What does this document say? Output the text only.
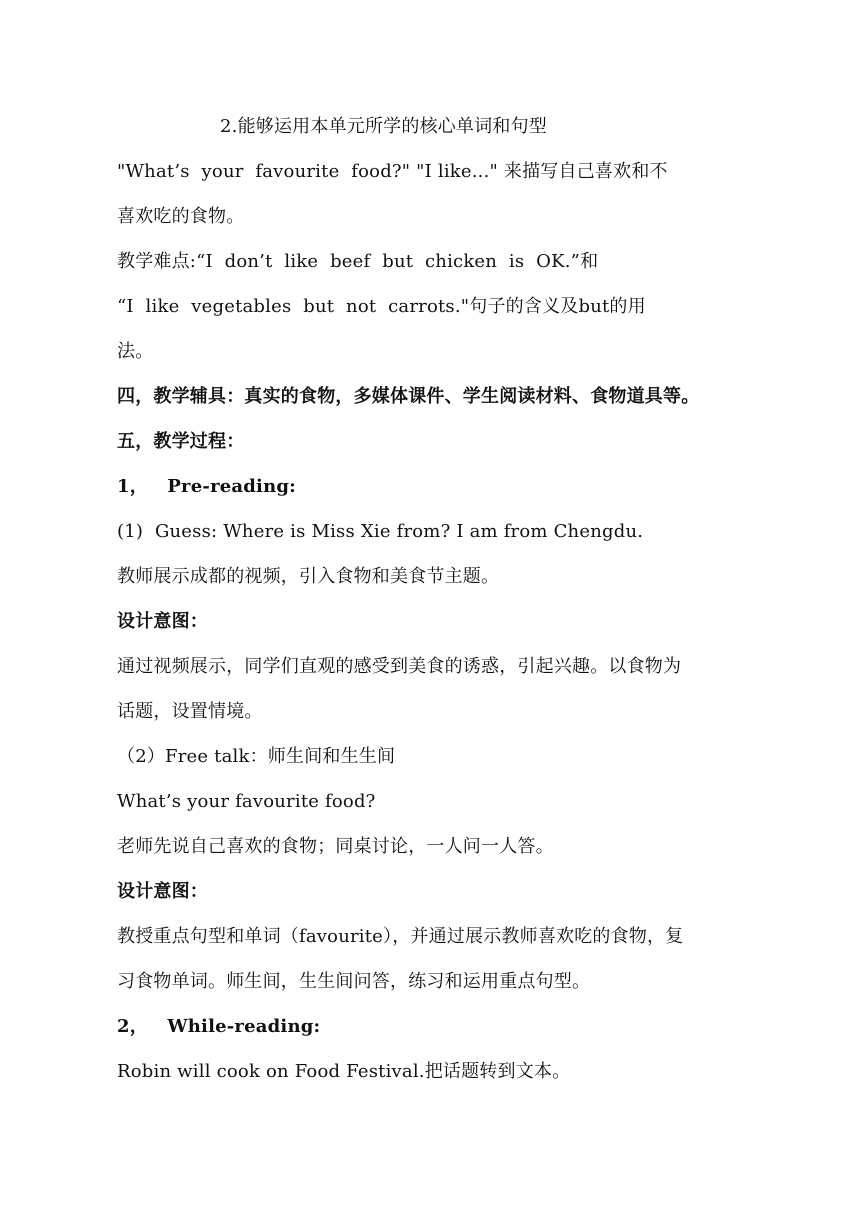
2.能够运用本单元所学的核心单词和句型
"What’s  your  favourite  food?" "I like..." 来描写自己喜欢和不
喜欢吃的食物。
教学难点:“I  don’t  like  beef  but  chicken  is  OK.”和
“I  like  vegetables  but  not  carrots."句子的含义及but的用
法。
四，教学辅具：真实的食物，多媒体课件、学生阅读材料、食物道具等。
五，教学过程：
1，   Pre-reading:
(1)  Guess: Where is Miss Xie from? I am from Chengdu.
教师展示成都的视频，引入食物和美食节主题。
设计意图：
通过视频展示，同学们直观的感受到美食的诱惑，引起兴趣。以食物为
话题，设置情境。
（2）Free talk：师生间和生生间
What’s your favourite food?
老师先说自己喜欢的食物；同桌讨论，一人问一人答。
设计意图：
教授重点句型和单词（favourite），并通过展示教师喜欢吃的食物，复
习食物单词。师生间，生生间问答，练习和运用重点句型。
2，   While-reading:
Robin will cook on Food Festival.把话题转到文本。
